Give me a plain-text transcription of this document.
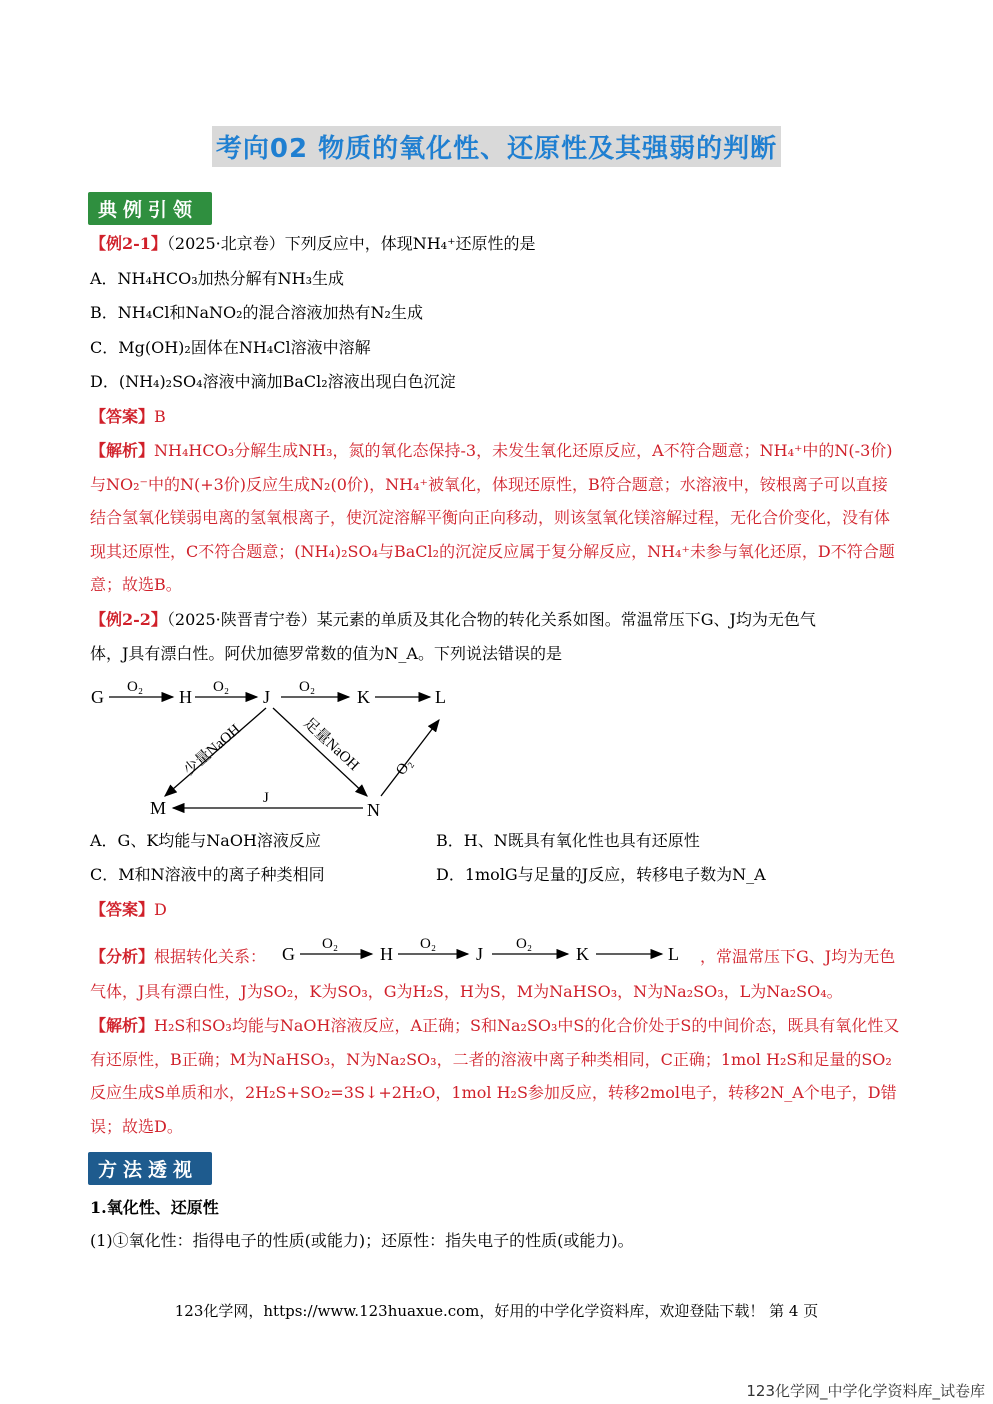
考向02 物质的氧化性、还原性及其强弱的判断
典例引领
【例2-1】（2025·北京卷）下列反应中，体现NH₄⁺还原性的是
A．NH₄HCO₃加热分解有NH₃生成
B．NH₄Cl和NaNO₂的混合溶液加热有N₂生成
C．Mg(OH)₂固体在NH₄Cl溶液中溶解
D．(NH₄)₂SO₄溶液中滴加BaCl₂溶液出现白色沉淀
【答案】B
【解析】NH₄HCO₃分解生成NH₃，氮的氧化态保持-3，未发生氧化还原反应，A不符合题意；NH₄⁺中的N(-3价)与NO₂⁻中的N(+3价)反应生成N₂(0价)，NH₄⁺被氧化，体现还原性，B符合题意；水溶液中，铵根离子可以直接结合氢氧化镁弱电离的氢氧根离子，使沉淀溶解平衡向正向移动，则该氢氧化镁溶解过程，无化合价变化，没有体现其还原性，C不符合题意；(NH₄)₂SO₄与BaCl₂的沉淀反应属于复分解反应，NH₄⁺未参与氧化还原，D不符合题意；故选B。
【例2-2】（2025·陕晋青宁卷）某元素的单质及其化合物的转化关系如图。常温常压下G、J均为无色气
体，J具有漂白性。阿伏加德罗常数的值为N_A。下列说法错误的是
G	H	J	K	L
M	N
O₂	O₂	O₂
少量NaOH	足量NaOH
J
O₂
A．G、K均能与NaOH溶液反应	B．H、N既具有氧化性也具有还原性
C．M和N溶液中的离子种类相同	D．1molG与足量的J反应，转移电子数为N_A
【答案】D
【分析】根据转化关系： G O₂ H O₂ J O₂ K	L ，常温常压下G、J均为无色
气体，J具有漂白性，J为SO₂，K为SO₃，G为H₂S，H为S，M为NaHSO₃，N为Na₂SO₃，L为Na₂SO₄。
【解析】H₂S和SO₃均能与NaOH溶液反应，A正确；S和Na₂SO₃中S的化合价处于S的中间价态，既具有氧化性又有还原性，B正确；M为NaHSO₃，N为Na₂SO₃，二者的溶液中离子种类相同，C正确；1mol H₂S和足量的SO₂反应生成S单质和水，2H₂S+SO₂=3S↓+2H₂O，1mol H₂S参加反应，转移2mol电子，转移2N_A个电子，D错误；故选D。
方法透视
1.氧化性、还原性
(1)①氧化性：指得电子的性质(或能力)；还原性：指失电子的性质(或能力)。
123化学网，https://www.123huaxue.com，好用的中学化学资料库，欢迎登陆下载！ 第 4 页
123化学网_中学化学资料库_试卷库
